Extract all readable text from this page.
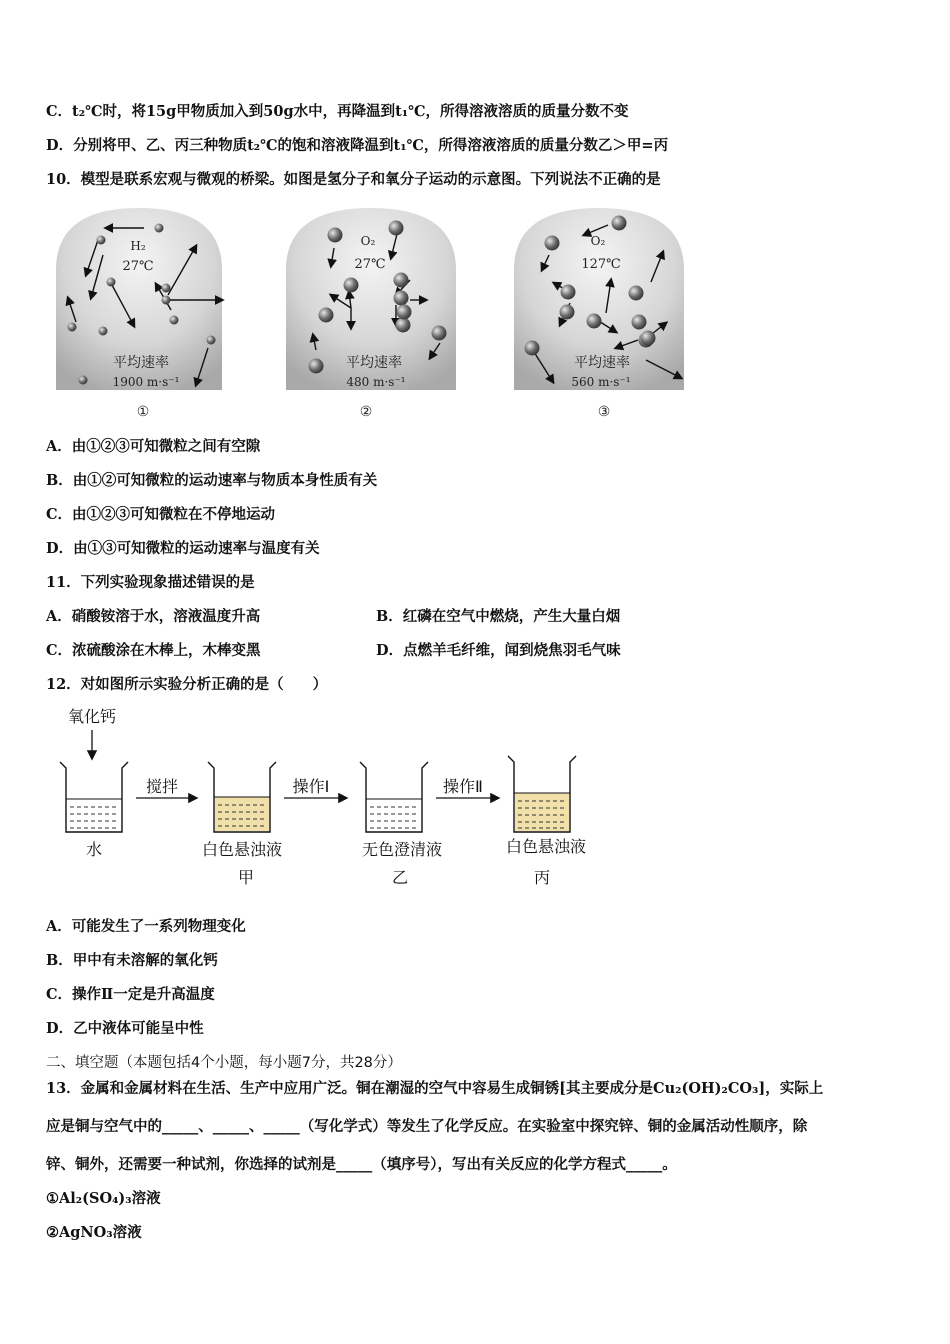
C．t₂℃时，将15g甲物质加入到50g水中，再降温到t₁℃，所得溶液溶质的质量分数不变
D．分别将甲、乙、丙三种物质t₂℃的饱和溶液降温到t₁℃，所得溶液溶质的质量分数乙＞甲=丙
10．模型是联系宏观与微观的桥梁。如图是氢分子和氧分子运动的示意图。下列说法不正确的是
H₂
27℃
平均速率
1900 m·s⁻¹
①
O₂
27℃
平均速率
480 m·s⁻¹
②
O₂
127℃
平均速率
560 m·s⁻¹
③
A．由①②③可知微粒之间有空隙
B．由①②可知微粒的运动速率与物质本身性质有关
C．由①②③可知微粒在不停地运动
D．由①③可知微粒的运动速率与温度有关
11．下列实验现象描述错误的是
A．硝酸铵溶于水，溶液温度升高	B．红磷在空气中燃烧，产生大量白烟
C．浓硫酸涂在木棒上，木棒变黑	D．点燃羊毛纤维，闻到烧焦羽毛气味
12．对如图所示实验分析正确的是（　　）
氧化钙
搅拌	操作Ⅰ	操作Ⅱ
水	白色悬浊液
甲
无色澄清液
乙
白色悬浊液
丙
A．可能发生了一系列物理变化
B．甲中有未溶解的氧化钙
C．操作Ⅱ一定是升高温度
D．乙中液体可能呈中性
二、填空题（本题包括4个小题，每小题7分，共28分）
13．金属和金属材料在生活、生产中应用广泛。铜在潮湿的空气中容易生成铜锈[其主要成分是Cu₂(OH)₂CO₃]，实际上
应是铜与空气中的_____、_____、_____（写化学式）等发生了化学反应。在实验室中探究锌、铜的金属活动性顺序，除
锌、铜外，还需要一种试剂，你选择的试剂是_____（填序号），写出有关反应的化学方程式_____。
①Al₂(SO₄)₃溶液
②AgNO₃溶液
